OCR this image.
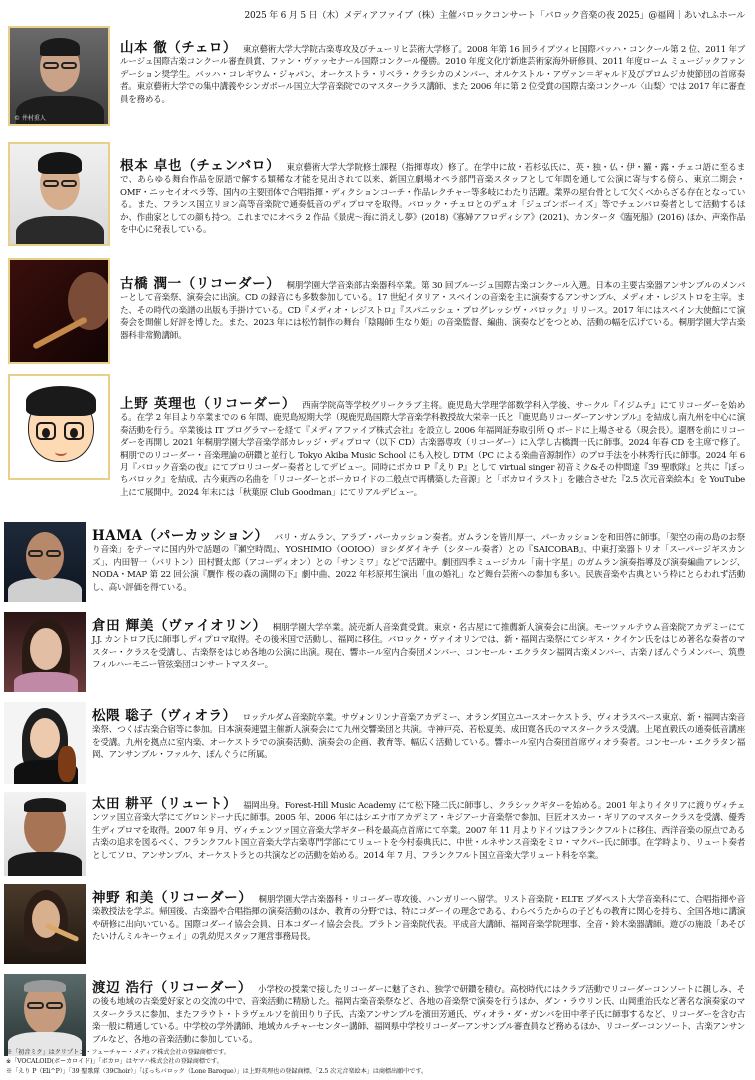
2025 年 6 月 5 日（木）メディアファイブ（株）主催バロックコンサート「バロック音楽の夜 2025」@福岡｜あいれふホール
© 井村重人
山本 徹（チェロ） 東京藝術大学大学院古楽専攻及びチューリヒ芸術大学修了。2008 年第 16 回ライプツィヒ国際バッハ・コンクール第 2 位、2011 年ブルージュ国際古楽コンクール審査員賞、ファン・ヴァッセナール国際コンクール優勝。2010 年度文化庁新進芸術家海外研修員、2011 年度ローム ミュージックファンデーション奨学生。バッハ・コレギウム・ジャパン、オーケストラ・リベラ・クラシカのメンバー、オルケストル・アヴァン＝ギャルド及びプロムジカ使節団の首席奏者。東京藝術大学での集中講義やシンガポール国立大学音楽院でのマスタークラス講師、また 2006 年に第 2 位受賞の国際古楽コンクール〈山梨〉では 2017 年に審査員を務める。
根本 卓也（チェンバロ） 東京藝術大学大学院修士課程（指揮専攻）修了。在学中に故・若杉弘氏に、英・独・仏・伊・羅・露・チェコ語に至るまで、あらゆる舞台作品を原語で解する類稀な才能を見出されて以来、新国立劇場オペラ部門音楽スタッフとして年間を通して公演に寄与する傍ら、東京二期会・OMF・ニッセイオペラ等、国内の主要団体で合唱指揮・ディクションコーチ・作品レクチャー等多岐にわたり活躍。業界の屋台骨として欠くべからざる存在となっている。また、フランス国立リヨン高等音楽院で通奏低音のディプロマを取得。バロック・チェロとのデュオ「ジュゴンボーイズ」等でチェンバロ奏者として活動するほか、作曲家としての顔も持つ。これまでにオペラ 2 作品《景虎～海に消えし夢》(2018)《寡婦アフロディシア》(2021)、カンタータ《臨死船》(2016) ほか、声楽作品を中心に発表している。
古橋 潤一（リコーダー） 桐朋学園大学音楽部古楽器科卒業。第 30 回ブルージュ国際古楽コンクール入選。日本の主要古楽器アンサンブルのメンバーとして音楽祭、演奏会に出演。CD の録音にも多数参加している。17 世紀イタリア・スペインの音楽を主に演奏するアンサンブル、メディオ・レジストロを主宰。また、その時代の楽譜の出版も手掛けている。CD『メディオ・レジストロ』『スパニッシュ・プログレッシヴ・バロック』リリース。2017 年にはスペイン大使館にて演奏会を開催し好評を博した。また、2023 年には松竹制作の舞台「陰陽師 生なり姫」の音楽監督、編曲、演奏などをつとめ、活動の幅を広げている。桐朋学園大学古楽器科非常勤講師。
上野 英理也（リコーダー） 西南学院高等学校グリークラブ主将。鹿児島大学理学部数学科入学後、サークル『イジムチ』にてリコーダーを始める。在学 2 年目より卒業までの 6 年間、鹿児島短期大学（現鹿児島国際大学音楽学科教授故大栄幸一氏と『鹿児島リコーダーアンサンブル』を結成し南九州を中心に演奏活動を行う。卒業後は IT プログラマーを経て『メディアファイブ株式会社』を設立し 2006 年福岡証券取引所 Q ボードに上場させる（現会長）。還暦を前にリコーダーを再開し 2021 年桐朋学園大学音楽学部カレッジ・ディプロマ（以下 CD）古楽器専攻（リコーダー）に入学し古橋潤一氏に師事。2024 年春 CD を主席で修了。桐朋でのリコーダー・音楽理論の研鑽と並行し Tokyo Akiba Music School にも入校し DTM（PC による楽曲音源制作）のプロ手法を小林秀行氏に師事。2024 年 6 月『バロック音楽の夜』にてプロリコーダー奏者としてデビュー。同時にボカロ P『えり P』として virtual singer 初音ミク&その仲間達『39 聖歌隊』と共に『ぼっちバロック』を結成、古今東西の名曲を「リコーダーとボーカロイドの二般点で再構築した音源」と「ボカロイラスト」を融合させた『2.5 次元音楽絵本』を YouTube 上にて展開中。2024 年末には「秋葉原 Club Goodman」にてリアルデビュー。
HAMA（パーカッション） バリ・ガムラン、アラブ・パーカッション奏者。ガムランを皆川厚一、パーカッションを和田啓に師事。「架空の南の島のお祭り音楽」をテーマに国内外で話題の『瀬空時間』、YOSHIMIO（OOIOO）ヨシダダイキチ（シタール奏者）との『SAICOBAB』、中東打楽器トリオ「スーパージギスカンズ」、内田智一（バリトン）田村賢太郎（アコーディオン）との「サンミワ」などで活躍中。劇団四季ミュージカル「南十字星」のガムラン演奏指導及び演奏編曲アレンジ、NODA・MAP 第 22 回公演『贋作 桜の森の満開の下』劇中曲、2022 年杉原邦生演出「血の婚礼」など舞台芸術への参加も多い。民族音楽や古典という枠にとらわれず活動し、高い評価を得ている。
倉田 輝美（ヴァイオリン） 桐朋学園大学卒業。読売新人音楽賞受賞。東京・名古屋にて推薦新人演奏会に出演。モーツァルテウム音楽院アカデミーにて J.J. カントロフ氏に師事しディプロマ取得。その後米国で活動し、福岡に移住。バロック・ヴァイオリンでは、新・福岡古楽祭にてシギス・クイケン氏をはじめ著名な奏者のマスター・クラスを受講し、古楽祭をはじめ各地の公演に出演。現在、響ホール室内合奏団メンバー、コンセール・エクラタン福岡古楽メンバー、古楽 / ぽんぐうメンバー、筑豊フィルハーモニー管弦楽団コンサートマスター。
松隈 聡子（ヴィオラ） ロッテルダム音楽院卒業。サヴォンリンナ音楽アカデミー、オランダ国立ユースオーケストラ、ヴィオラスペース東京、新・福岡古楽音楽祭、つくば古楽合宿等に参加。日本演奏連盟主催新人演奏会にて九州交響楽団と共演。寺神戸亮、若松夏美、成田寛各氏のマスタークラス受講。上尾直毅氏の通奏低音講座を受講。九州を拠点に室内楽、オーケストラでの演奏活動、演奏会の企画、教育等、幅広く活動している。響ホール室内合奏団首席ヴィオラ奏者。コンセール・エクラタン福岡、アンサンブル・ファルケ、ぽんぐうに所属。
太田 耕平（リュート） 福岡出身。Forest-Hill Music Academy にて松下隆二氏に師事し、クラシックギターを始める。2001 年よりイタリアに渡りヴィチェンツァ国立音楽大学にてグロンドーナ氏に師事。2005 年、2006 年にはシエナ市アカデミア・キジアーナ音楽祭で参加、巨匠オスカー・ギリアのマスタークラスを受講、優秀生ディプロマを取得。2007 年 9 月、ヴィチェンツァ国立音楽大学ギター科を最高点首席にて卒業。2007 年 11 月よりドイツはフランクフルトに移住、西洋音楽の原点である古楽の追求を図るべく、フランクフルト国立音楽大学古楽専門学部にてリュートを今村泰典氏に、中世・ルネサンス音楽をミロ・マクパー氏に師事。在学時より、リュート奏者としてソロ、アンサンブル、オーケストラとの共演などの活動を始める。2014 年 7 月、フランクフルト国立音楽大学リュート科を卒業。
神野 和美（リコーダー） 桐朋学園大学古楽器科・リコーダー専攻後、ハンガリーへ留学。リスト音楽院・ELTE ブダペスト大学音楽科にて、合唱指揮や音楽教授法を学ぶ。帰国後、古楽器や合唱指揮の演奏活動のほか、教育の分野では、特にコダーイの理念である、わらべうたからの子どもの教育に関心を持ち、全国各地に講演や研修に出向いている。国際コダーイ協会会員、日本コダーイ協会会長。プラトン音楽院代表。平成音大講師、福岡音楽学院理事、全音・鈴木楽器講師。遊びの施設「あそびたいけんミルキーウェイ」の乳幼児スタッフ運営事務局長。
渡辺 浩行（リコーダー） 小学校の授業で接したリコーダーに魅了され、独学で研鑽を積む。高校時代にはクラブ活動でリコーダーコンソートに親しみ、その後も地域の古楽愛好家との交流の中で、音楽活動に精励した。福岡古楽音楽祭など、各地の音楽祭で演奏を行うほか、ダン・ラウリン氏、山岡重治氏など著名な演奏家のマスタークラスに参加、またフラウト・トラヴェルソを前田りり子氏、古楽アンサンブルを濱田芳通氏、ヴィオラ・ダ・ガンバを田中孝子氏に師事するなど、リコーダーを含む古楽一般に精通している。中学校の学外講師、地域カルチャーセンター講師、福岡県中学校リコーダーアンサンブル審査員など務めるほか、リコーダーコンソート、古楽アンサンブルなど、各地の音楽活動に参加している。
※「初音ミク」はクリプトン・フューチャー・メディア株式会社の登録商標です。
※「VOCALOID(ボーカロイド)」「ボカロ」はヤマハ株式会社の登録商標です。
※「えり P（Eli^P）」「39 聖歌隊（39Choir）」「ぼっちバロック（Lone Baroque）」は上野英理也の登録商標、「2.5 次元音楽絵本」は商標出願中です。
